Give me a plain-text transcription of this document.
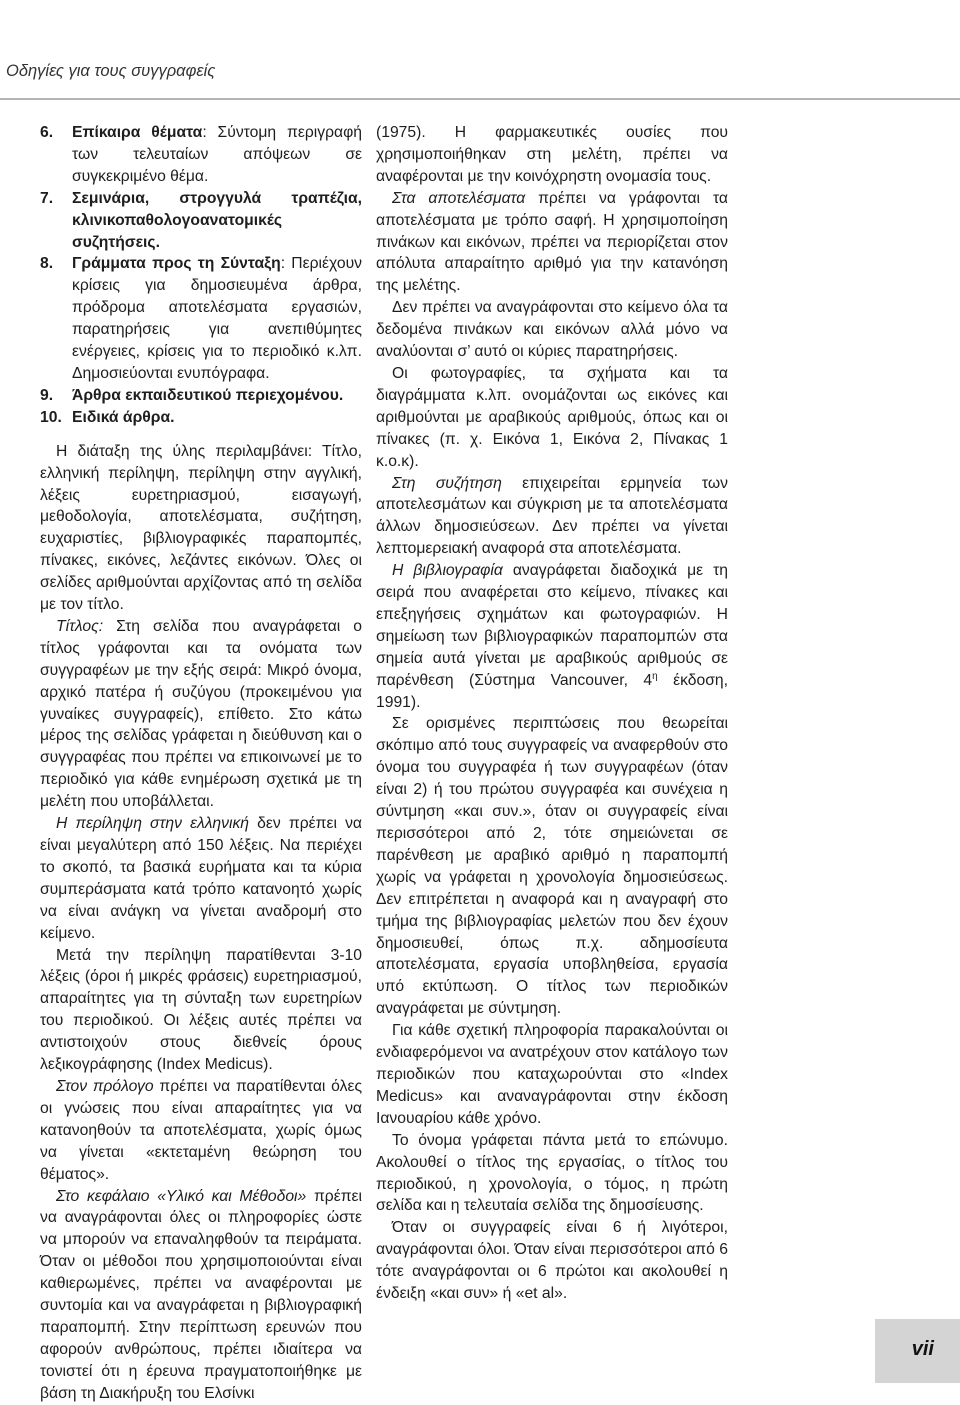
Οδηγίες για τους συγγραφείς
6.	Επίκαιρα θέματα: Σύντομη περιγραφή των τελευταίων απόψεων σε συγκεκριμένο θέμα.
7.	Σεμινάρια, στρογγυλά τραπέζια, κλινικοπαθολογοανατομικές συζητήσεις.
8.	Γράμματα προς τη Σύνταξη: Περιέχουν κρίσεις για δημοσιευμένα άρθρα, πρόδρομα αποτελέσματα εργασιών, παρατηρήσεις για ανεπιθύμητες ενέργειες, κρίσεις για το περιοδικό κ.λπ. Δημοσιεύονται ενυπόγραφα.
9.	Άρθρα εκπαιδευτικού περιεχομένου.
10. Ειδικά άρθρα.

Η διάταξη της ύλης περιλαμβάνει: Τίτλο, ελληνική περίληψη, περίληψη στην αγγλική, λέξεις ευρετηριασμού, εισαγωγή, μεθοδολογία, αποτελέσματα, συζήτηση, ευχαριστίες, βιβλιογραφικές παραπομπές, πίνακες, εικόνες, λεζάντες εικόνων. Όλες οι σελίδες αριθμούνται αρχίζοντας από τη σελίδα με τον τίτλο.

Τίτλος: Στη σελίδα που αναγράφεται ο τίτλος γράφονται και τα ονόματα των συγγραφέων με την εξής σειρά: Μικρό όνομα, αρχικό πατέρα ή συζύγου (προκειμένου για γυναίκες συγγραφείς), επίθετο. Στο κάτω μέρος της σελίδας γράφεται η διεύθυνση και ο συγγραφέας που πρέπει να επικοινωνεί με το περιοδικό για κάθε ενημέρωση σχετικά με τη μελέτη που υποβάλλεται.

Η περίληψη στην ελληνική δεν πρέπει να είναι μεγαλύτερη από 150 λέξεις. Να περιέχει το σκοπό, τα βασικά ευρήματα και τα κύρια συμπεράσματα κατά τρόπο κατανοητό χωρίς να είναι ανάγκη να γίνεται αναδρομή στο κείμενο.

Μετά την περίληψη παρατίθενται 3-10 λέξεις (όροι ή μικρές φράσεις) ευρετηριασμού, απαραίτητες για τη σύνταξη των ευρετηρίων του περιοδικού. Οι λέξεις αυτές πρέπει να αντιστοιχούν στους διεθνείς όρους λεξικογράφησης (Index Medicus).

Στον πρόλογο πρέπει να παρατίθενται όλες οι γνώσεις που είναι απαραίτητες για να κατανοηθούν τα αποτελέσματα, χωρίς όμως να γίνεται «εκτεταμένη θεώρηση του θέματος».

Στο κεφάλαιο «Υλικό και Μέθοδοι» πρέπει να αναγράφονται όλες οι πληροφορίες ώστε να μπορούν να επαναληφθούν τα πειράματα. Όταν οι μέθοδοι που χρησιμοποιούνται είναι καθιερωμένες, πρέπει να αναφέρονται με συντομία και να αναγράφεται η βιβλιογραφική παραπομπή. Στην περίπτωση ερευνών που αφορούν ανθρώπους, πρέπει ιδιαίτερα να τονιστεί ότι η έρευνα πραγματοποιήθηκε με βάση τη Διακήρυξη του Ελσίνκι

(1975). Η φαρμακευτικές ουσίες που χρησιμοποιήθηκαν στη μελέτη, πρέπει να αναφέρονται με την κοινόχρηστη ονομασία τους.

Στα αποτελέσματα πρέπει να γράφονται τα αποτελέσματα με τρόπο σαφή. Η χρησιμοποίηση πινάκων και εικόνων, πρέπει να περιορίζεται στον απόλυτα απαραίτητο αριθμό για την κατανόηση της μελέτης.

Δεν πρέπει να αναγράφονται στο κείμενο όλα τα δεδομένα πινάκων και εικόνων αλλά μόνο να αναλύονται σ’ αυτό οι κύριες παρατηρήσεις.

Οι φωτογραφίες, τα σχήματα και τα διαγράμματα κ.λπ. ονομάζονται ως εικόνες και αριθμούνται με αραβικούς αριθμούς, όπως και οι πίνακες (π. χ. Εικόνα 1, Εικόνα 2, Πίνακας 1 κ.ο.κ).

Στη συζήτηση επιχειρείται ερμηνεία των αποτελεσμάτων και σύγκριση με τα αποτελέσματα άλλων δημοσιεύσεων. Δεν πρέπει να γίνεται λεπτομερειακή αναφορά στα αποτελέσματα.

Η βιβλιογραφία αναγράφεται διαδοχικά με τη σειρά που αναφέρεται στο κείμενο, πίνακες και επεξηγήσεις σχημάτων και φωτογραφιών. Η σημείωση των βιβλιογραφικών παραπομπών στα σημεία αυτά γίνεται με αραβικούς αριθμούς σε παρένθεση (Σύστημα Vancouver, $4^\eta$ έκδοση, 1991).

Σε ορισμένες περιπτώσεις που θεωρείται σκόπιμο από τους συγγραφείς να αναφερθούν στο όνομα του συγγραφέα ή των συγγραφέων (όταν είναι 2) ή του πρώτου συγγραφέα και συνέχεια η σύντμηση «και συν.», όταν οι συγγραφείς είναι περισσότεροι από 2, τότε σημειώνεται σε παρένθεση με αραβικό αριθμό η παραπομπή χωρίς να γράφεται η χρονολογία δημοσιεύσεως. Δεν επιτρέπεται η αναφορά και η αναγραφή στο τμήμα της βιβλιογραφίας μελετών που δεν έχουν δημοσιευθεί, όπως π.χ. αδημοσίευτα αποτελέσματα, εργασία υποβληθείσα, εργασία υπό εκτύπωση. Ο τίτλος των περιοδικών αναγράφεται με σύντμηση.

Για κάθε σχετική πληροφορία παρακαλούνται οι ενδιαφερόμενοι να ανατρέχουν στον κατάλογο των περιοδικών που καταχωρούνται στο «Index Medicus» και αναναγράφονται στην έκδοση Ιανουαρίου κάθε χρόνο.

Το όνομα γράφεται πάντα μετά το επώνυμο. Ακολουθεί ο τίτλος της εργασίας, ο τίτλος του περιοδικού, η χρονολογία, ο τόμος, η πρώτη σελίδα και η τελευταία σελίδα της δημοσίευσης.

Όταν οι συγγραφείς είναι 6 ή λιγότεροι, αναγράφονται όλοι. Όταν είναι περισσότεροι από 6 τότε αναγράφονται οι 6 πρώτοι και ακολουθεί η ένδειξη «και συν» ή «et al».

vii
